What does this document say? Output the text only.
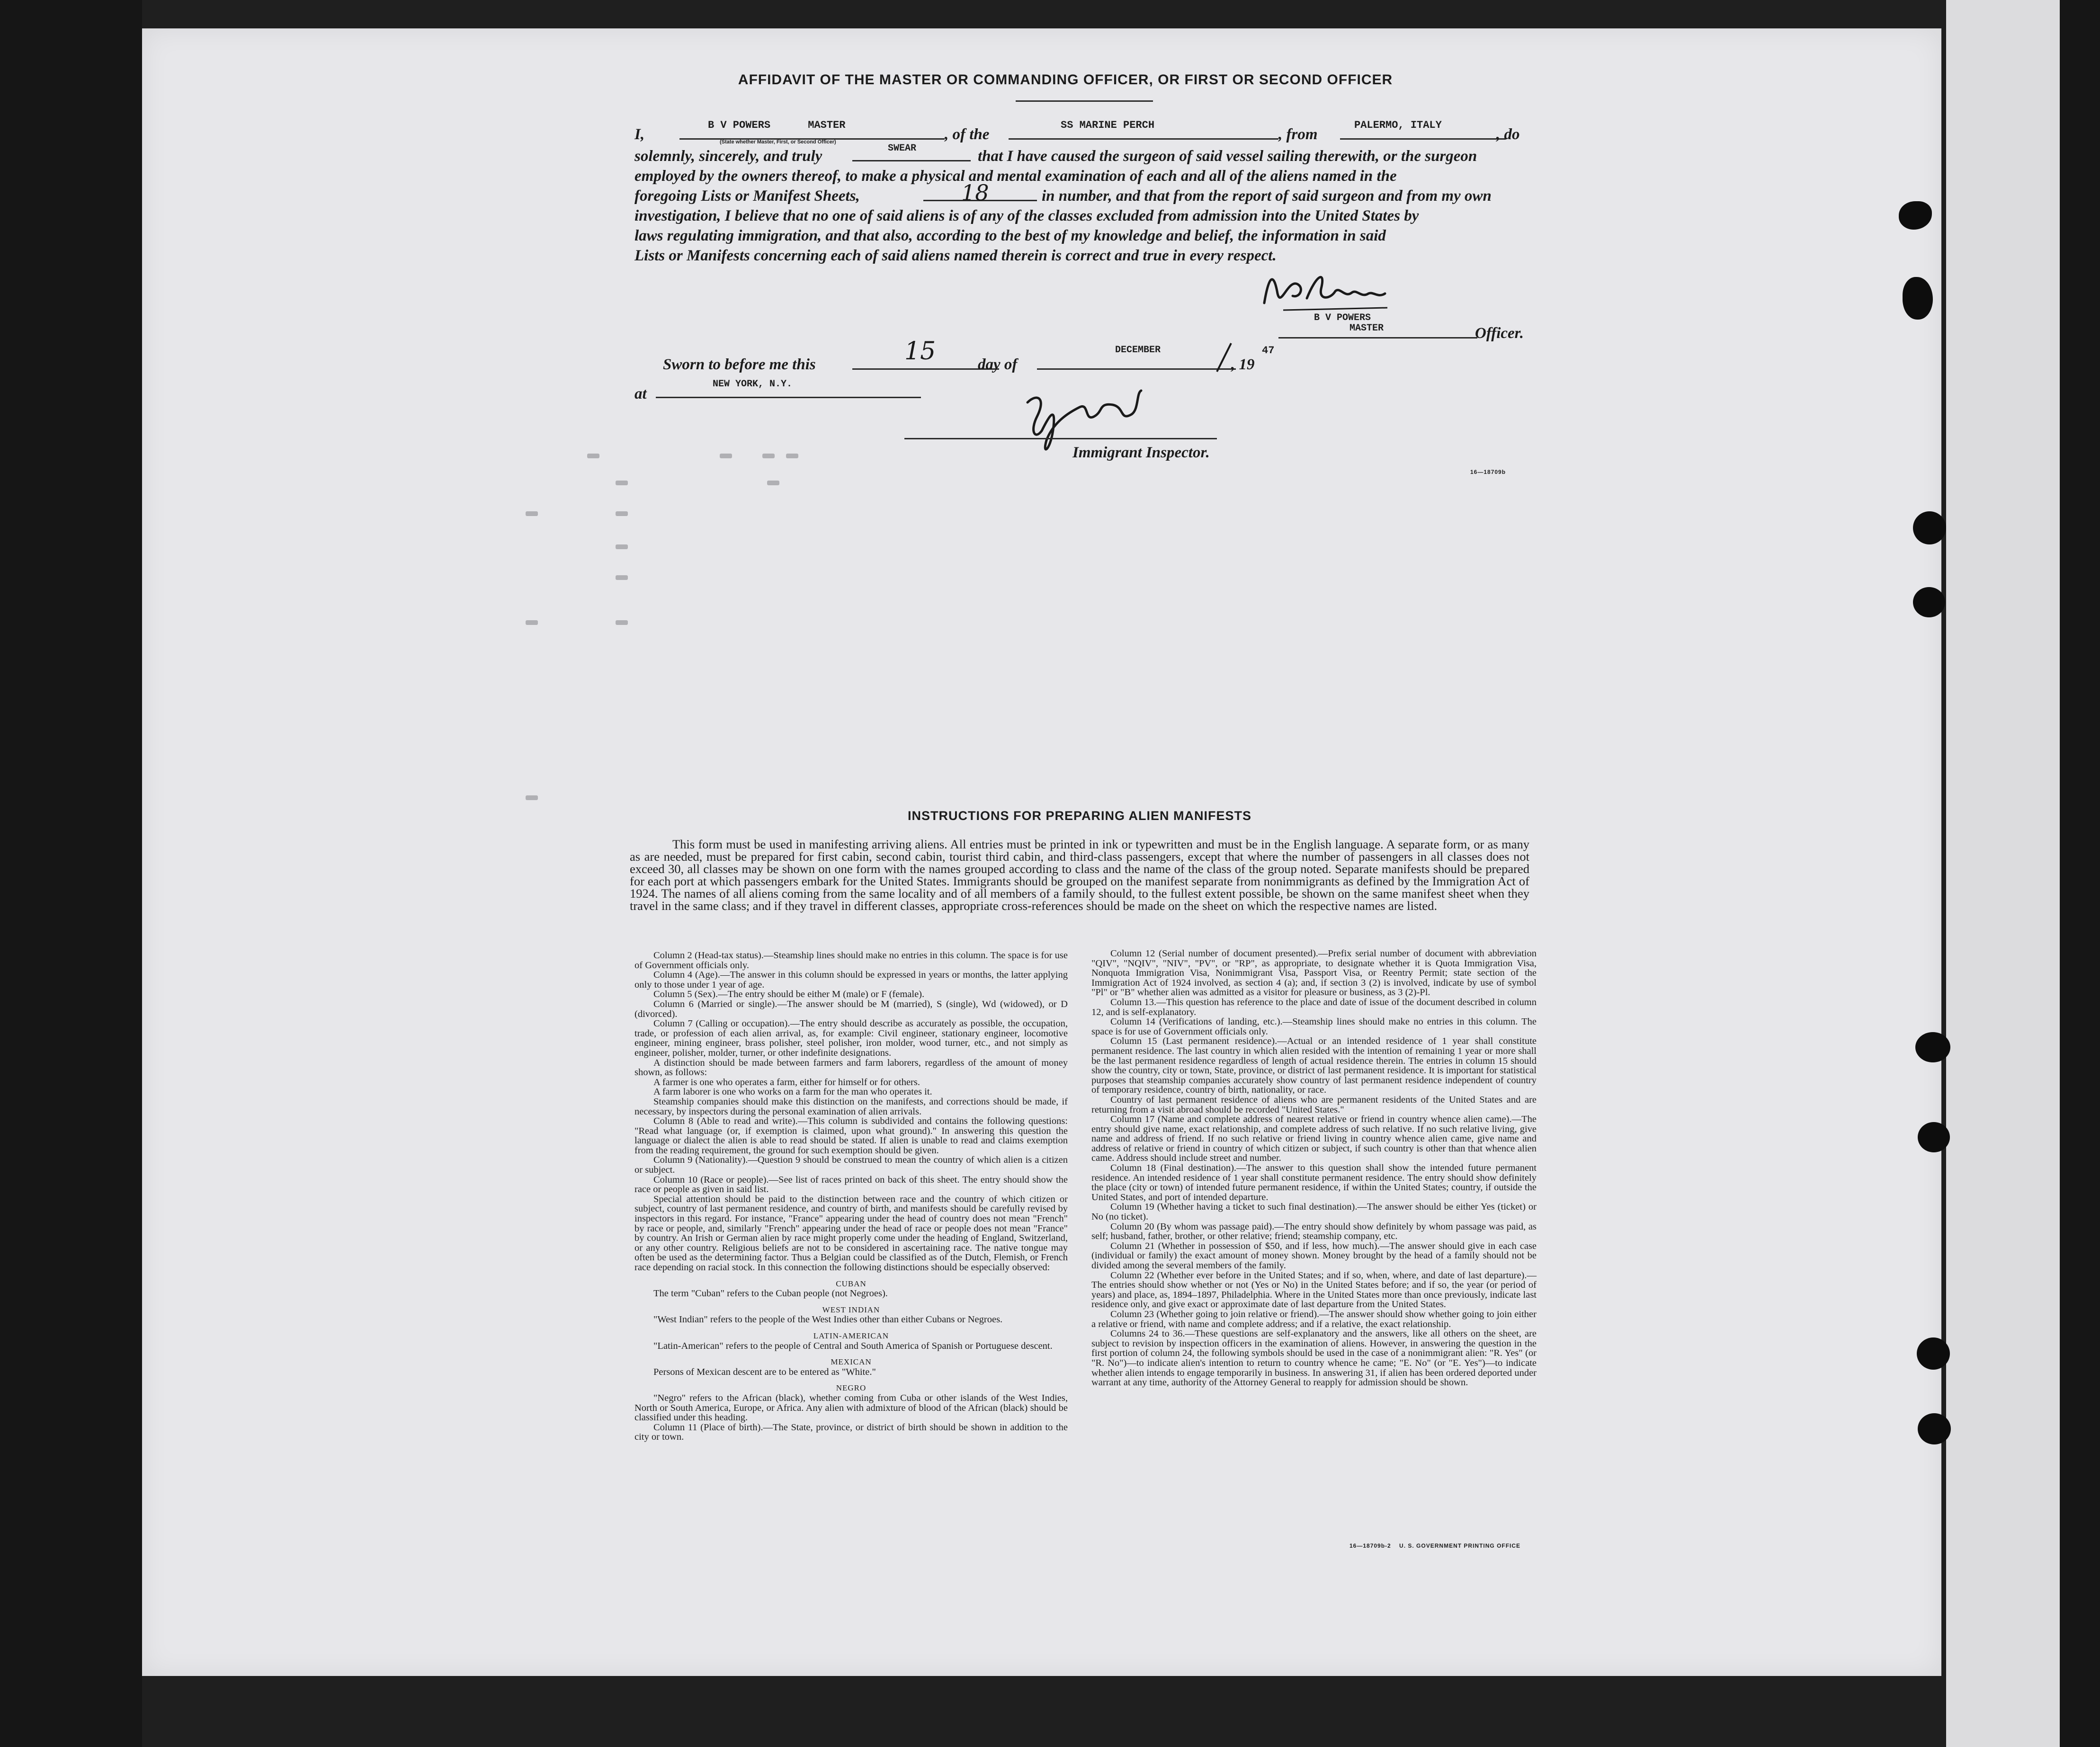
AFFIDAVIT OF THE MASTER OR COMMANDING OFFICER, OR FIRST OR SECOND OFFICER
I,
B V POWERS      MASTER
, of the
SS MARINE PERCH
, from
PALERMO, ITALY
, do
(State whether Master, First, or Second Officer)
solemnly, sincerely, and truly	SWEAR	that I have caused the surgeon of said vessel sailing therewith, or the surgeon
employed by the owners thereof, to make a physical and mental examination of each and all of the aliens named in the
foregoing Lists or Manifest Sheets,	18	in number, and that from the report of said surgeon and from my own
investigation, I believe that no one of said aliens is of any of the classes excluded from admission into the United States by
laws regulating immigration, and that also, according to the best of my knowledge and belief, the information in said
Lists or Manifests concerning each of said aliens named therein is correct and true in every respect.
B V POWERS
MASTER	Officer.
Sworn to before me this	15	day of
DECEMBER
, 19
47
at
NEW YORK, N.Y.
Immigrant Inspector.
16—18709b
INSTRUCTIONS FOR PREPARING ALIEN MANIFESTS
This form must be used in manifesting arriving aliens. All entries must be printed in ink or typewritten and must be in the English language. A separate form, or as many as are needed, must be prepared for first cabin, second cabin, tourist third cabin, and third-class passengers, except that where the number of passengers in all classes does not exceed 30, all classes may be shown on one form with the names grouped according to class and the name of the class of the group noted. Separate manifests should be prepared for each port at which passengers embark for the United States. Immigrants should be grouped on the manifest separate from nonimmigrants as defined by the Immigration Act of 1924. The names of all aliens coming from the same locality and of all members of a family should, to the fullest extent possible, be shown on the same manifest sheet when they travel in the same class; and if they travel in different classes, appropriate cross-references should be made on the sheet on which the respective names are listed.

Column 2 (Head-tax status).—Steamship lines should make no entries in this column. The space is for use of Government officials only.

Column 4 (Age).—The answer in this column should be expressed in years or months, the latter applying only to those under 1 year of age.

Column 5 (Sex).—The entry should be either M (male) or F (female).

Column 6 (Married or single).—The answer should be M (married), S (single), Wd (widowed), or D (divorced).

Column 7 (Calling or occupation).—The entry should describe as accurately as possible, the occupation, trade, or profession of each alien arrival, as, for example: Civil engineer, stationary engineer, locomotive engineer, mining engineer, brass polisher, steel polisher, iron molder, wood turner, etc., and not simply as engineer, polisher, molder, turner, or other indefinite designations.

A distinction should be made between farmers and farm laborers, regardless of the amount of money shown, as follows:

A farmer is one who operates a farm, either for himself or for others.

A farm laborer is one who works on a farm for the man who operates it.

Steamship companies should make this distinction on the manifests, and corrections should be made, if necessary, by inspectors during the personal examination of alien arrivals.

Column 8 (Able to read and write).—This column is subdivided and contains the following questions: "Read what language (or, if exemption is claimed, upon what ground)." In answering this question the language or dialect the alien is able to read should be stated. If alien is unable to read and claims exemption from the reading requirement, the ground for such exemption should be given.

Column 9 (Nationality).—Question 9 should be construed to mean the country of which alien is a citizen or subject.

Column 10 (Race or people).—See list of races printed on back of this sheet. The entry should show the race or people as given in said list.

Special attention should be paid to the distinction between race and the country of which citizen or subject, country of last permanent residence, and country of birth, and manifests should be carefully revised by inspectors in this regard. For instance, "France" appearing under the head of country does not mean "French" by race or people, and, similarly "French" appearing under the head of race or people does not mean "France" by country. An Irish or German alien by race might properly come under the heading of England, Switzerland, or any other country. Religious beliefs are not to be considered in ascertaining race. The native tongue may often be used as the determining factor. Thus a Belgian could be classified as of the Dutch, Flemish, or French race depending on racial stock. In this connection the following distinctions should be especially observed:

CUBAN

The term "Cuban" refers to the Cuban people (not Negroes).

WEST INDIAN

"West Indian" refers to the people of the West Indies other than either Cubans or Negroes.

LATIN-AMERICAN

"Latin-American" refers to the people of Central and South America of Spanish or Portuguese descent.

MEXICAN

Persons of Mexican descent are to be entered as "White."

NEGRO

"Negro" refers to the African (black), whether coming from Cuba or other islands of the West Indies, North or South America, Europe, or Africa. Any alien with admixture of blood of the African (black) should be classified under this heading.

Column 11 (Place of birth).—The State, province, or district of birth should be shown in addition to the city or town.

Column 12 (Serial number of document presented).—Prefix serial number of document with abbreviation "QIV", "NQIV", "NIV", "PV", or "RP", as appropriate, to designate whether it is Quota Immigration Visa, Nonquota Immigration Visa, Nonimmigrant Visa, Passport Visa, or Reentry Permit; state section of the Immigration Act of 1924 involved, as section 4 (a); and, if section 3 (2) is involved, indicate by use of symbol "Pl" or "B" whether alien was admitted as a visitor for pleasure or business, as 3 (2)-Pl.

Column 13.—This question has reference to the place and date of issue of the document described in column 12, and is self-explanatory.

Column 14 (Verifications of landing, etc.).—Steamship lines should make no entries in this column. The space is for use of Government officials only.

Column 15 (Last permanent residence).—Actual or an intended residence of 1 year shall constitute permanent residence. The last country in which alien resided with the intention of remaining 1 year or more shall be the last permanent residence regardless of length of actual residence therein. The entries in column 15 should show the country, city or town, State, province, or district of last permanent residence. It is important for statistical purposes that steamship companies accurately show country of last permanent residence independent of country of temporary residence, country of birth, nationality, or race.

Country of last permanent residence of aliens who are permanent residents of the United States and are returning from a visit abroad should be recorded "United States."

Column 17 (Name and complete address of nearest relative or friend in country whence alien came).—The entry should give name, exact relationship, and complete address of such relative. If no such relative living, give name and address of friend. If no such relative or friend living in country whence alien came, give name and address of relative or friend in country of which citizen or subject, if such country is other than that whence alien came. Address should include street and number.

Column 18 (Final destination).—The answer to this question shall show the intended future permanent residence. An intended residence of 1 year shall constitute permanent residence. The entry should show definitely the place (city or town) of intended future permanent residence, if within the United States; country, if outside the United States, and port of intended departure.

Column 19 (Whether having a ticket to such final destination).—The answer should be either Yes (ticket) or No (no ticket).

Column 20 (By whom was passage paid).—The entry should show definitely by whom passage was paid, as self; husband, father, brother, or other relative; friend; steamship company, etc.

Column 21 (Whether in possession of $50, and if less, how much).—The answer should give in each case (individual or family) the exact amount of money shown. Money brought by the head of a family should not be divided among the several members of the family.

Column 22 (Whether ever before in the United States; and if so, when, where, and date of last departure).—The entries should show whether or not (Yes or No) in the United States before; and if so, the year (or period of years) and place, as, 1894–1897, Philadelphia. Where in the United States more than once previously, indicate last residence only, and give exact or approximate date of last departure from the United States.

Column 23 (Whether going to join relative or friend).—The answer should show whether going to join either a relative or friend, with name and complete address; and if a relative, the exact relationship.

Columns 24 to 36.—These questions are self-explanatory and the answers, like all others on the sheet, are subject to revision by inspection officers in the examination of aliens. However, in answering the question in the first portion of column 24, the following symbols should be used in the case of a nonimmigrant alien: "R. Yes" (or "R. No")—to indicate alien's intention to return to country whence he came; "E. No" (or "E. Yes")—to indicate whether alien intends to engage temporarily in business. In answering 31, if alien has been ordered deported under warrant at any time, authority of the Attorney General to reapply for admission should be shown.

16—18709b-2    U. S. GOVERNMENT PRINTING OFFICE
